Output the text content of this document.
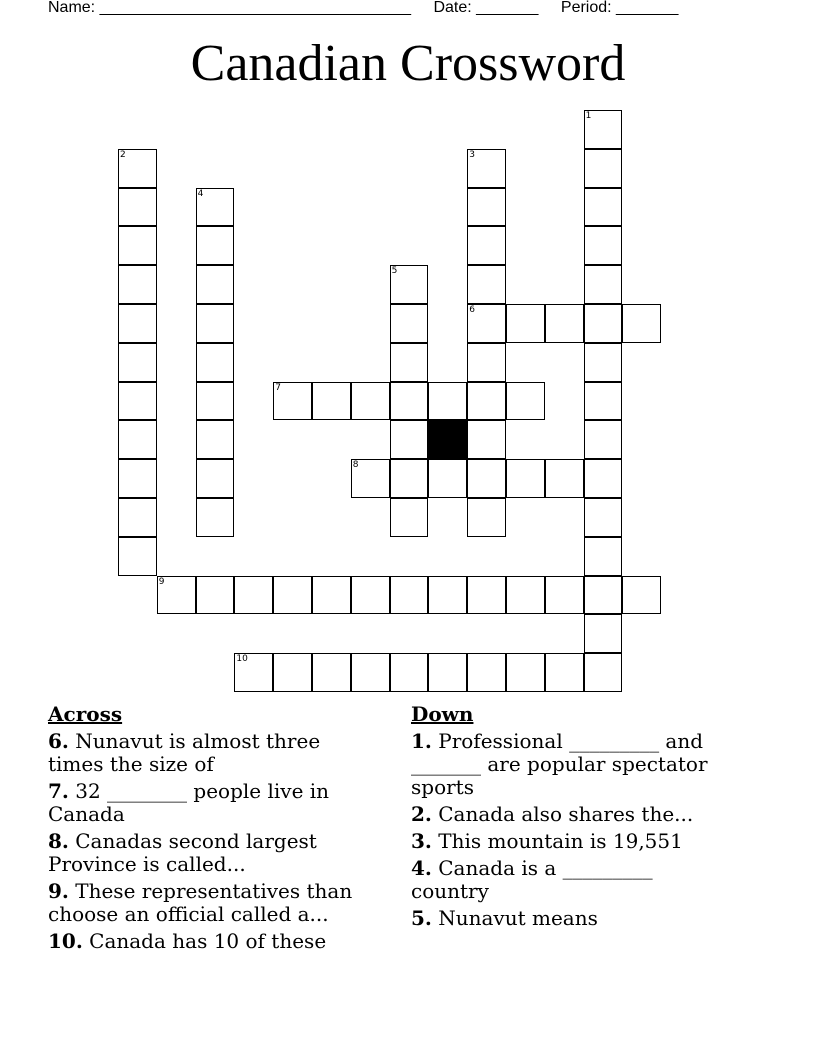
Name: ___________________________________ Date: _______ Period: _______
Canadian Crossword
1
2	3
4
5
6
7
8
9
10
Across
6. Nunavut is almost three times the size of
7. 32 ________ people live in Canada
8. Canadas second largest Province is called...
9. These representatives than choose an official called a...
10. Canada has 10 of these
Down
1. Professional _________ and _______ are popular spectator sports
2. Canada also shares the...
3. This mountain is 19,551
4. Canada is a _________ country
5. Nunavut means
